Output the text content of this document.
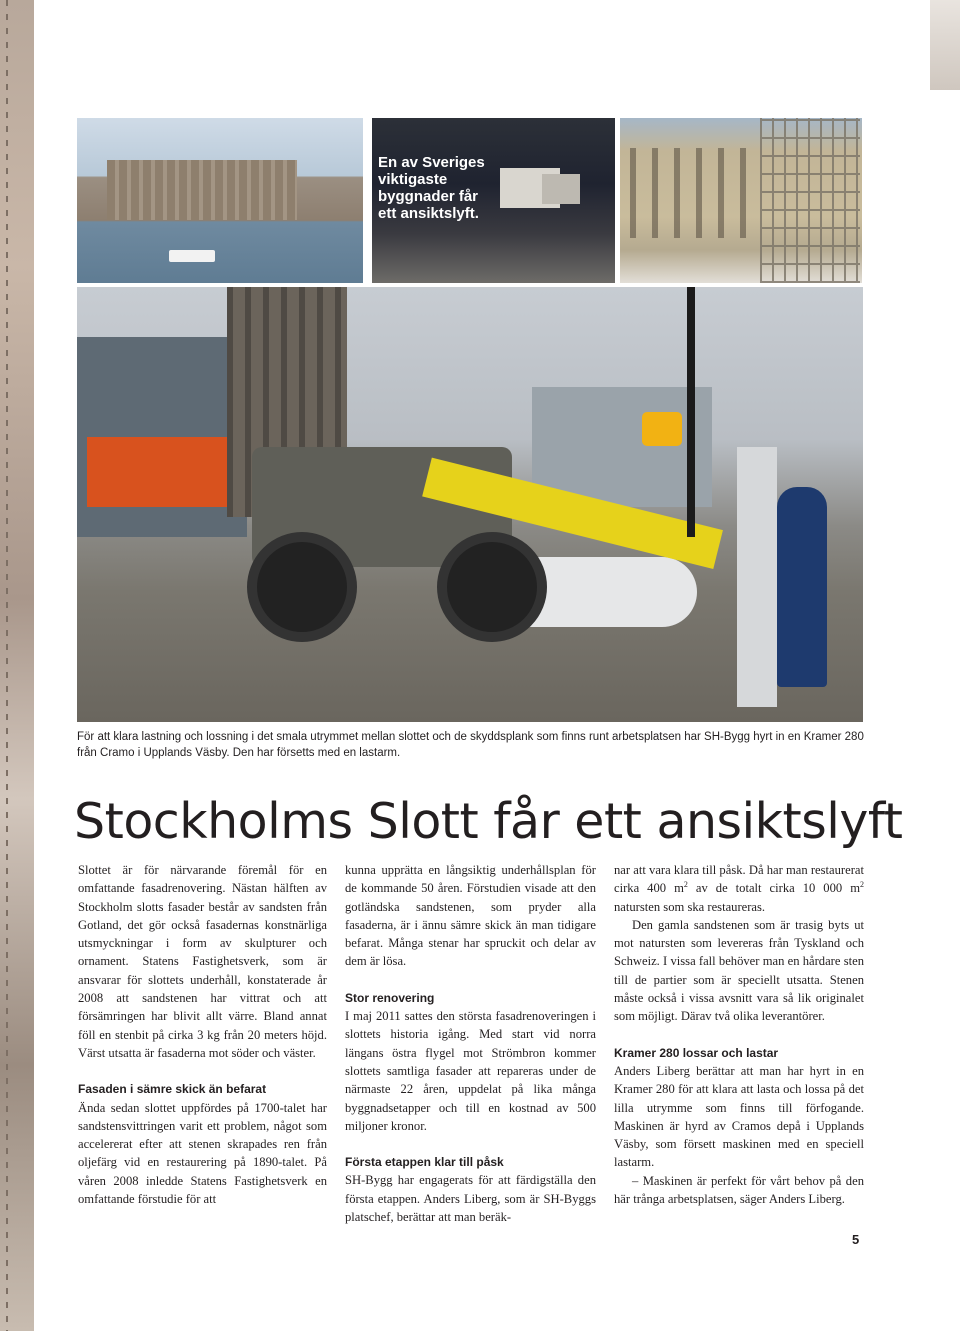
En av Sveriges viktigaste byggnader får ett ansiktslyft.

För att klara lastning och lossning i det smala utrymmet mellan slottet och de skyddsplank som finns runt arbetsplatsen har SH-Bygg hyrt in en Kramer 280 från Cramo i Upplands Väsby. Den har försetts med en lastarm.

Stockholms Slott får ett ansiktslyft

Slottet är för närvarande föremål för en omfattande fasadrenovering. Nästan hälften av Stockholm slotts fasader består av sandsten från Gotland, det gör också fasadernas konstnärliga utsmyckningar i form av skulpturer och ornament. Statens Fastighetsverk, som är ansvarar för slottets underhåll, konstaterade år 2008 att sandstenen har vittrat och att försämringen har blivit allt värre. Bland annat föll en stenbit på cirka 3 kg från 20 meters höjd. Värst utsatta är fasaderna mot söder och väster.

Fasaden i sämre skick än befarat

Ända sedan slottet uppfördes på 1700-talet har sandstensvittringen varit ett problem, något som accelererat efter att stenen skrapades ren från oljefärg vid en restaurering på 1890-talet. På våren 2008 inledde Statens Fastighetsverk en omfattande förstudie för att

kunna upprätta en långsiktig underhållsplan för de kommande 50 åren. Förstudien visade att den gotländska sandstenen, som pryder alla fasaderna, är i ännu sämre skick än man tidigare befarat. Många stenar har spruckit och delar av dem är lösa.

Stor renovering

I maj 2011 sattes den största fasadrenoveringen i slottets historia igång. Med start vid norra längans östra flygel mot Strömbron kommer slottets samtliga fasader att repareras under de närmaste 22 åren, uppdelat på lika många byggnadsetapper och till en kostnad av 500 miljoner kronor.

Första etappen klar till påsk

SH-Bygg har engagerats för att färdigställa den första etappen. Anders Liberg, som är SH-Byggs platschef, berättar att man beräk-

nar att vara klara till påsk. Då har man restaurerat cirka 400 $m^2$ av de totalt cirka 10 000 $m^2$ natursten som ska restaureras.

Den gamla sandstenen som är trasig byts ut mot natursten som levereras från Tyskland och Schweiz. I vissa fall behöver man en hårdare sten till de partier som är speciellt utsatta. Stenen måste också i vissa avsnitt vara så lik originalet som möjligt. Därav två olika leverantörer.

Kramer 280 lossar och lastar

Anders Liberg berättar att man har hyrt in en Kramer 280 för att klara att lasta och lossa på det lilla utrymme som finns till förfogande. Maskinen är hyrd av Cramos depå i Upplands Väsby, som försett maskinen med en speciell lastarm.

– Maskinen är perfekt för vårt behov på den här trånga arbetsplatsen, säger Anders Liberg.

5
